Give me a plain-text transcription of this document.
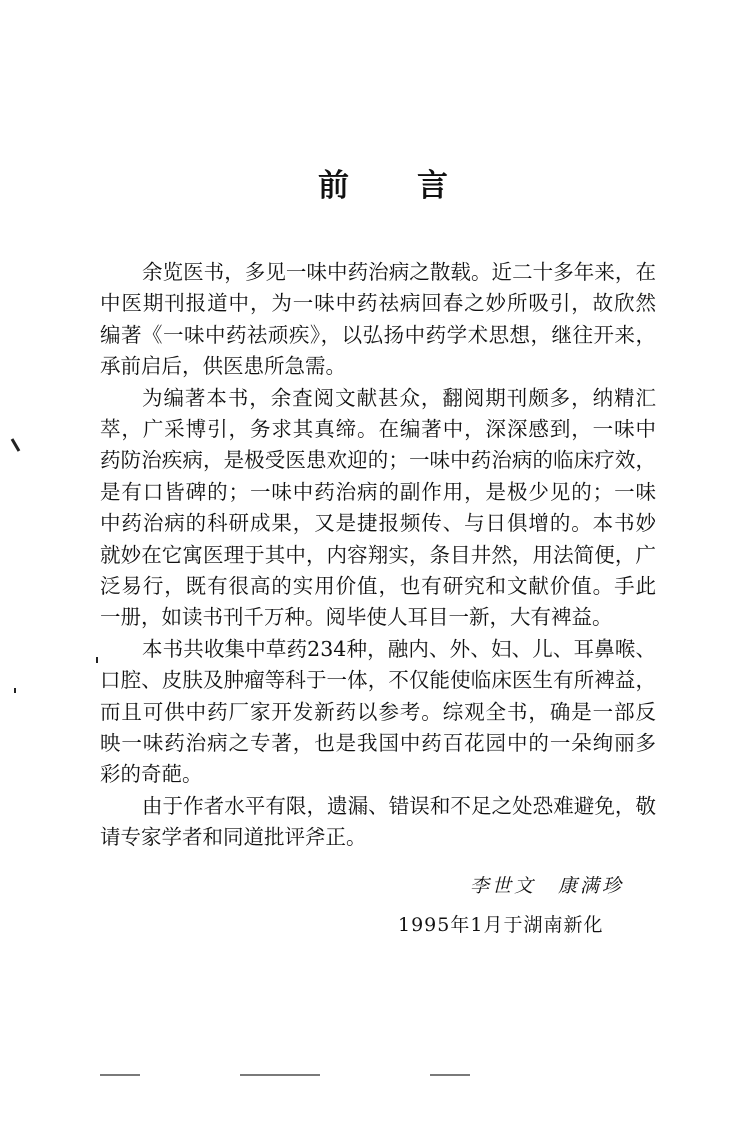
前 言
余览医书，多见一味中药治病之散载。近二十多年来，在
中医期刊报道中，为一味中药祛病回春之妙所吸引，故欣然
编著《一味中药祛顽疾》，以弘扬中药学术思想，继往开来，
承前启后，供医患所急需。
为编著本书，余査阅文献甚众，翻阅期刊颇多，纳精汇
萃，广采博引，务求其真缔。在编著中，深深感到，一味中
药防治疾病，是极受医患欢迎的；一味中药治病的临床疗效，
是有口皆碑的；一味中药治病的副作用，是极少见的；一味
中药治病的科研成果，又是捷报频传、与日俱增的。本书妙
就妙在它寓医理于其中，内容翔实，条目井然，用法简便，广
泛易行，既有很高的实用价值，也有研究和文献价值。手此
一册，如读书刊千万种。阅毕使人耳目一新，大有裨益。
本书共收集中草药234种，融内、外、妇、儿、耳鼻喉、
口腔、皮肤及肿瘤等科于一体，不仅能使临床医生有所裨益，
而且可供中药厂家开发新药以参考。综观全书，确是一部反
映一味药治病之专著，也是我国中药百花园中的一朵绚丽多
彩的奇葩。
由于作者水平有限，遗漏、错误和不足之处恐难避免，敬
请专家学者和同道批评斧正。
李世文　康满珍
1995年1月于湖南新化
